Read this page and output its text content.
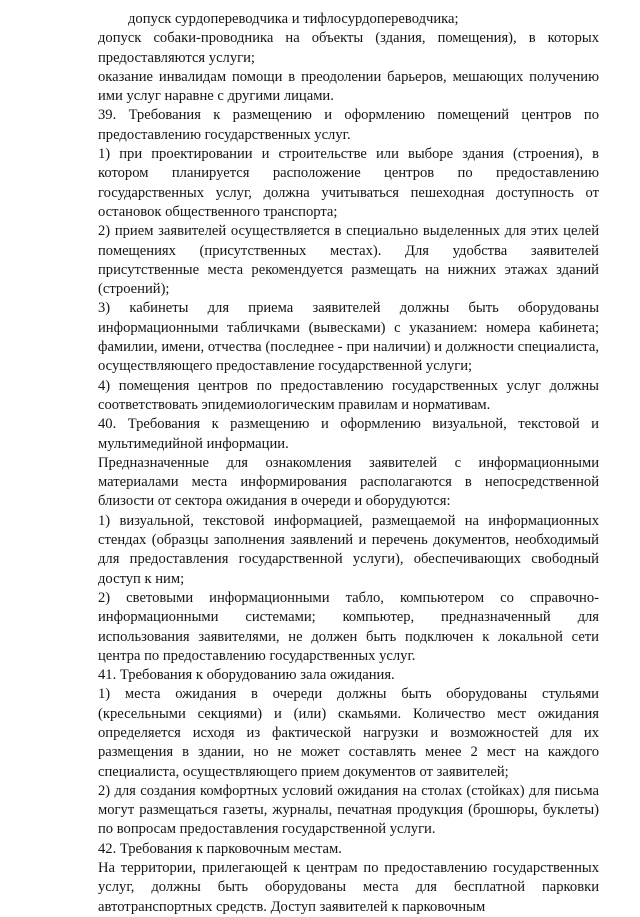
допуск сурдопереводчика и тифлосурдопереводчика;

допуск собаки-проводника на объекты (здания, помещения), в которых предоставляются услуги;

оказание инвалидам помощи в преодолении барьеров, мешающих получению ими услуг наравне с другими лицами.

39. Требования к размещению и оформлению помещений центров по предоставлению государственных услуг.

1) при проектировании и строительстве или выборе здания (строения), в котором планируется расположение центров по предоставлению государственных услуг, должна учитываться пешеходная доступность от остановок общественного транспорта;

2) прием заявителей осуществляется в специально выделенных для этих целей помещениях (присутственных местах). Для удобства заявителей присутственные места рекомендуется размещать на нижних этажах зданий (строений);

3) кабинеты для приема заявителей должны быть оборудованы информационными табличками (вывесками) с указанием: номера кабинета; фамилии, имени, отчества (последнее - при наличии) и должности специалиста, осуществляющего предоставление государственной услуги;

4) помещения центров по предоставлению государственных услуг должны соответствовать эпидемиологическим правилам и нормативам.

40. Требования к размещению и оформлению визуальной, текстовой и мультимедийной информации.

Предназначенные для ознакомления заявителей с информационными материалами места информирования располагаются в непосредственной близости от сектора ожидания в очереди и оборудуются:

1) визуальной, текстовой информацией, размещаемой на информационных стендах (образцы заполнения заявлений и перечень документов, необходимый для предоставления государственной услуги), обеспечивающих свободный доступ к ним;

2) световыми информационными табло, компьютером со справочно-информационными системами; компьютер, предназначенный для использования заявителями, не должен быть подключен к локальной сети центра по предоставлению государственных услуг.

41. Требования к оборудованию зала ожидания.

1) места ожидания в очереди должны быть оборудованы стульями (кресельными секциями) и (или) скамьями. Количество мест ожидания определяется исходя из фактической нагрузки и возможностей для их размещения в здании, но не может составлять менее 2 мест на каждого специалиста, осуществляющего прием документов от заявителей;

2) для создания комфортных условий ожидания на столах (стойках) для письма могут размещаться газеты, журналы, печатная продукция (брошюры, буклеты) по вопросам предоставления государственной услуги.

42. Требования к парковочным местам.

На территории, прилегающей к центрам по предоставлению государственных услуг, должны быть оборудованы места для бесплатной парковки автотранспортных средств. Доступ заявителей к парковочным
